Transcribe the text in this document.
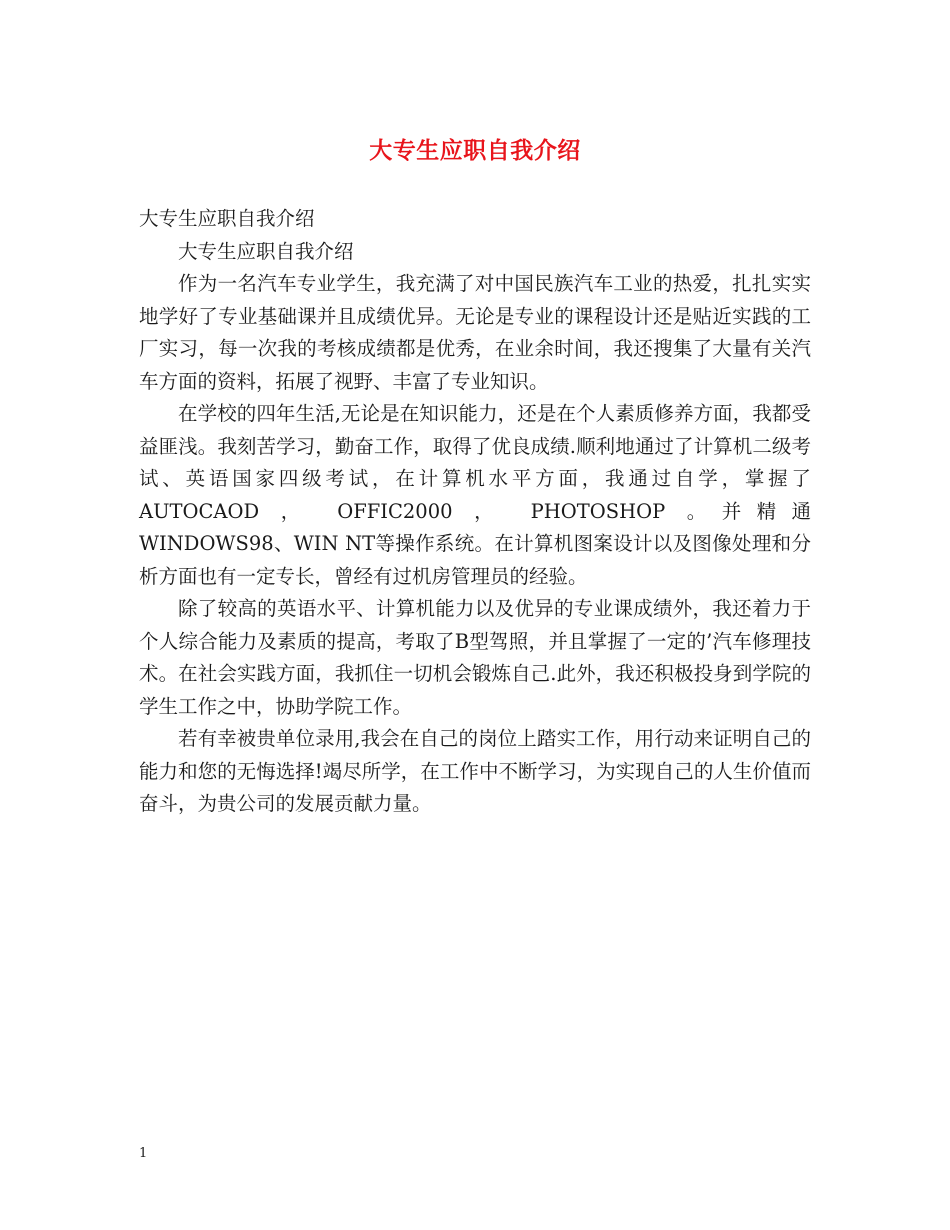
大专生应职自我介绍

大专生应职自我介绍

大专生应职自我介绍

作为一名汽车专业学生，我充满了对中国民族汽车工业的热爱，扎扎实实地学好了专业基础课并且成绩优异。无论是专业的课程设计还是贴近实践的工厂实习，每一次我的考核成绩都是优秀，在业余时间，我还搜集了大量有关汽车方面的资料，拓展了视野、丰富了专业知识。

在学校的四年生活,无论是在知识能力，还是在个人素质修养方面，我都受益匪浅。我刻苦学习，勤奋工作，取得了优良成绩.顺利地通过了计算机二级考试、英语国家四级考试，在计算机水平方面，我通过自学，掌握了 AUTOCAOD ， OFFIC2000 ， PHOTOSHOP 。并精通WINDOWS98、WIN NT等操作系统。在计算机图案设计以及图像处理和分析方面也有一定专长，曾经有过机房管理员的经验。

除了较高的英语水平、计算机能力以及优异的专业课成绩外，我还着力于个人综合能力及素质的提高，考取了B型驾照，并且掌握了一定的’汽车修理技术。在社会实践方面，我抓住一切机会锻炼自己.此外，我还积极投身到学院的学生工作之中，协助学院工作。

若有幸被贵单位录用,我会在自己的岗位上踏实工作，用行动来证明自己的能力和您的无悔选择!竭尽所学，在工作中不断学习，为实现自己的人生价值而奋斗，为贵公司的发展贡献力量。

1
